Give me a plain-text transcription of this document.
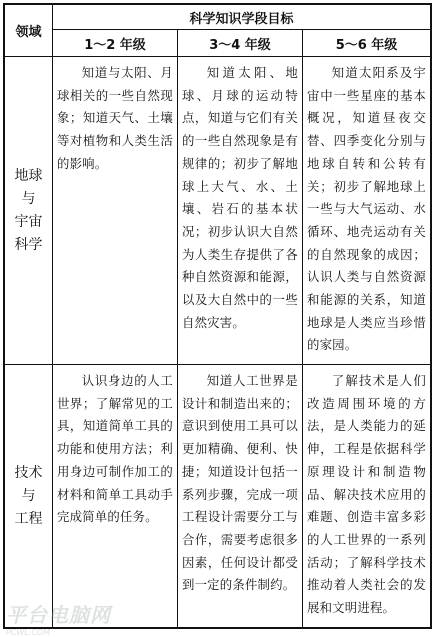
领域
科学知识学段目标
1～2 年级	3～4 年级	5～6 年级
地球
与
宇宙
科学
知道与太阳、月球相关的一些自然现象；知道天气、土壤等对植物和人类生活的影响。
知道太阳、地球、月球的运动特点，知道与它们有关的一些自然现象是有规律的；初步了解地球上大气、水、土壤、岩石的基本状况；初步认识大自然为人类生存提供了各种自然资源和能源，以及大自然中的一些自然灾害。
知道太阳系及宇宙中一些星座的基本概况，知道昼夜交替、四季变化分别与地球自转和公转有关；初步了解地球上一些与大气运动、水循环、地壳运动有关的自然现象的成因；认识人类与自然资源和能源的关系，知道地球是人类应当珍惜的家园。
技术
与
工程
认识身边的人工世界；了解常见的工具，知道简单工具的功能和使用方法；利用身边可制作加工的材料和简单工具动手完成简单的任务。
知道人工世界是设计和制造出来的；意识到使用工具可以更加精确、便利、快捷；知道设计包括一系列步骤，完成一项工程设计需要分工与合作，需要考虑很多因素，任何设计都受到一定的条件制约。
了解技术是人们改造周围环境的方法，是人类能力的延伸，工程是依据科学原理设计和制造物品、解决技术应用的难题、创造丰富多彩的人工世界的一系列活动；了解科学技术推动着人类社会的发展和文明进程。
平台电脑网
PCWL.COM
